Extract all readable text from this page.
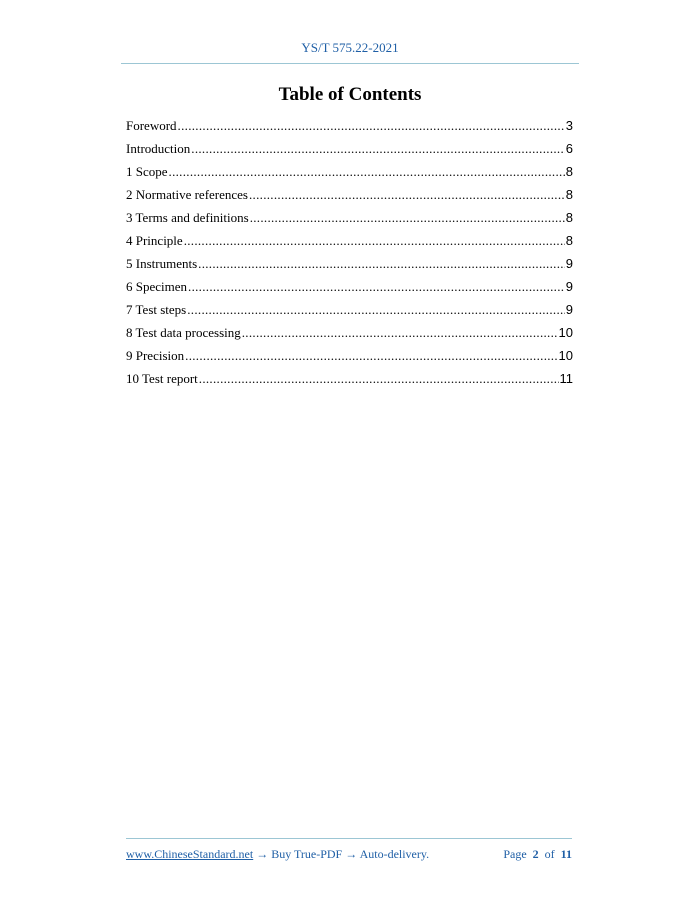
YS/T 575.22-2021
Table of Contents
Foreword .....	3
Introduction .....	6
1 Scope .....	8
2 Normative references .....	8
3 Terms and definitions .....	8
4 Principle .....	8
5 Instruments .....	9
6 Specimen .....	9
7 Test steps .....	9
8 Test data processing .....	10
9 Precision .....	10
10 Test report .....	11
www.ChineseStandard.net → Buy True-PDF → Auto-delivery.	Page 2 of 11
